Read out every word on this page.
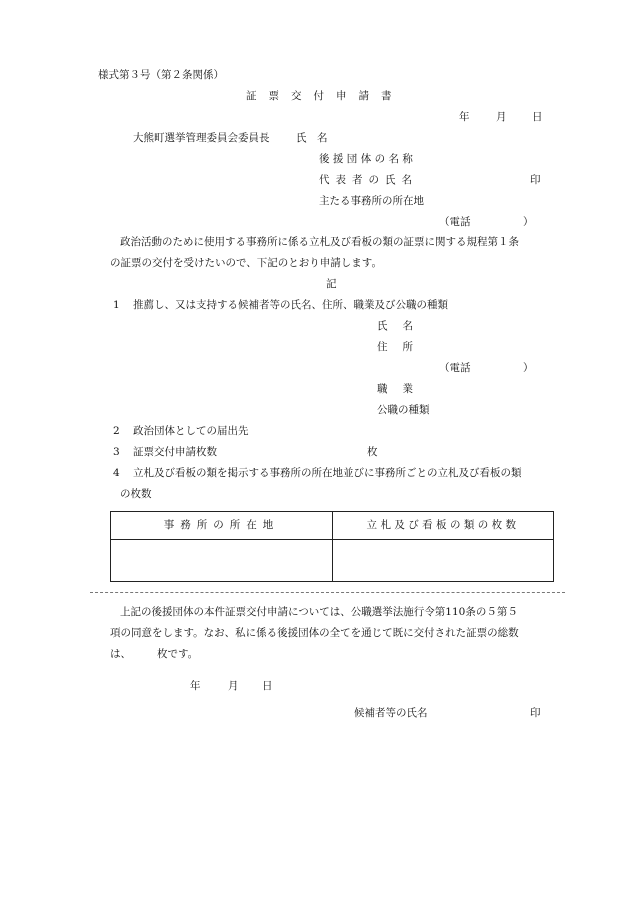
様式第３号（第２条関係）
証票交付申請書
年	月 日
大熊町選挙管理委員会委員長	氏　名
後援団体の名称
代表者の氏名	印
主たる事務所の所在地
（電話　　　　　）
政治活動のために使用する事務所に係る立札及び看板の類の証票に関する規程第１条
の証票の交付を受けたいので、下記のとおり申請します。
記
1 推薦し、又は支持する候補者等の氏名、住所、職業及び公職の種類
氏名
住所
（電話　　　　　）
職業
公職の種類
2 政治団体としての届出先
3 証票交付申請枚数	枚
4 立札及び看板の類を掲示する事務所の所在地並びに事務所ごとの立札及び看板の類
の枚数
事務所の所在地	立札及び看板の類の枚数

上記の後援団体の本件証票交付申請については、公職選挙法施行令第110条の５第５
項の同意をします。なお、私に係る後援団体の全てを通じて既に交付された証票の総数
は、 枚です。
年	月 日
候補者等の氏名	印
